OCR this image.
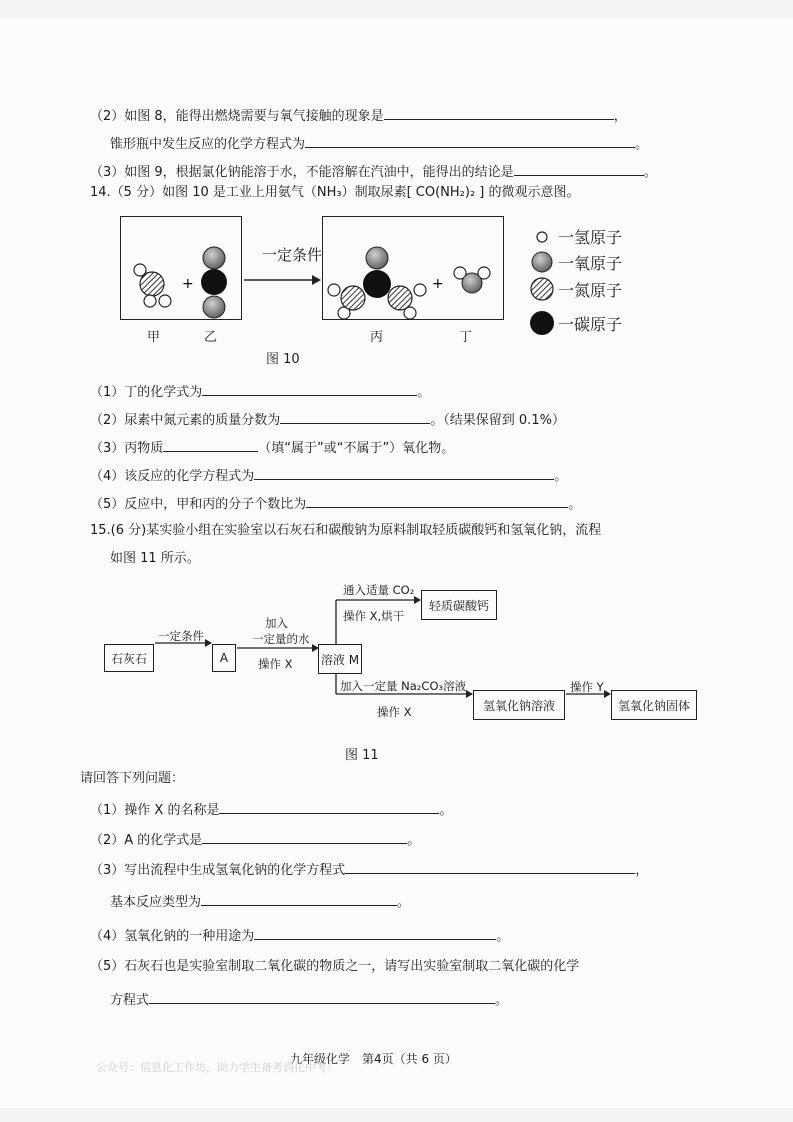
（2）如图 8，能得出燃烧需要与氧气接触的现象是	，
锥形瓶中发生反应的化学方程式为	。
（3）如图 9，根据氯化钠能溶于水，不能溶解在汽油中，能得出的结论是	。
14.（5 分）如图 10 是工业上用氨气（NH₃）制取尿素[ CO(NH₂)₂ ] 的微观示意图。
+	+
一定条件
一氢原子
一氧原子
一氮原子
一碳原子
甲	乙	丙	丁
图 10
（1）丁的化学式为	。
（2）尿素中氮元素的质量分数为	。（结果保留到 0.1%）
（3）丙物质	（填“属于”或“不属于”）氧化物。
（4）该反应的化学方程式为	。
（5）反应中，甲和丙的分子个数比为	。
15.(6 分)某实验小组在实验室以石灰石和碳酸钠为原料制取轻质碳酸钙和氢氧化钠，流程
如图 11 所示。
石灰石	A	溶液 M
轻质碳酸钙
氢氧化钠溶液	氢氧化钠固体
一定条件
加入
一定量的水
操作 X
通入适量 CO₂
操作 X,烘干
加入一定量 Na₂CO₃溶液
操作 X
操作 Y
图 11
请回答下列问题：
（1）操作 X 的名称是	。
（2）A 的化学式是	。
（3）写出流程中生成氢氧化钠的化学方程式	，
基本反应类型为	。
（4）氢氧化钠的一种用途为	。
（5）石灰石也是实验室制取二氧化碳的物质之一，请写出实验室制取二氧化碳的化学
方程式	。
九年级化学　第4页（共 6 页）
公众号：信息化工作坊，助力学生备考润化中考！
